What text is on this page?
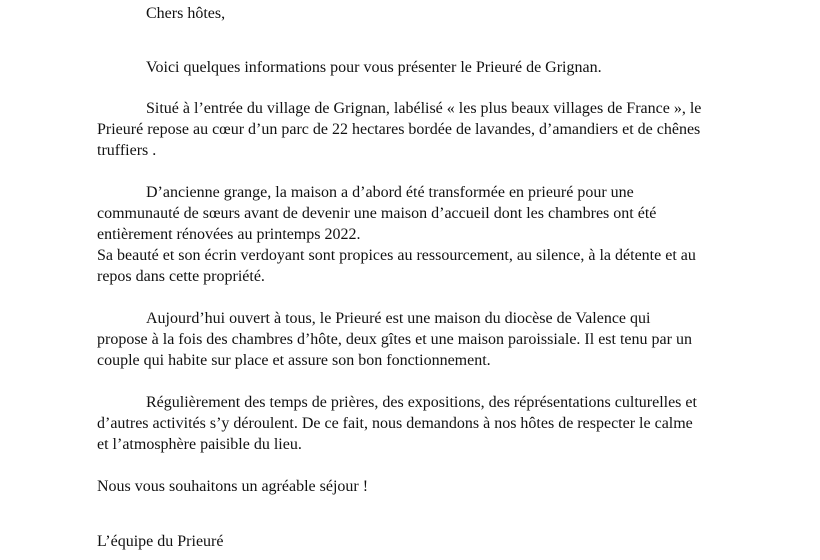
Chers hôtes,
Voici quelques informations pour vous présenter le Prieuré de Grignan.
Situé à l’entrée du village de Grignan, labélisé « les plus beaux villages de France », le
Prieuré repose au cœur d’un parc de 22 hectares bordée de lavandes, d’amandiers et de chênes
truffiers .
D’ancienne grange, la maison a d’abord été transformée en prieuré pour une
communauté de sœurs avant de devenir une maison d’accueil dont les chambres ont été
entièrement rénovées au printemps 2022.
Sa beauté et son écrin verdoyant sont propices au ressourcement, au silence, à la détente et au
repos dans cette propriété.
Aujourd’hui ouvert à tous, le Prieuré est une maison du diocèse de Valence qui
propose à la fois des chambres d’hôte, deux gîtes et une maison paroissiale. Il est tenu par un
couple qui habite sur place et assure son bon fonctionnement.
Régulièrement des temps de prières, des expositions, des réprésentations culturelles et
d’autres activités s’y déroulent. De ce fait, nous demandons à nos hôtes de respecter le calme
et l’atmosphère paisible du lieu.
Nous vous souhaitons un agréable séjour !
L’équipe du Prieuré
